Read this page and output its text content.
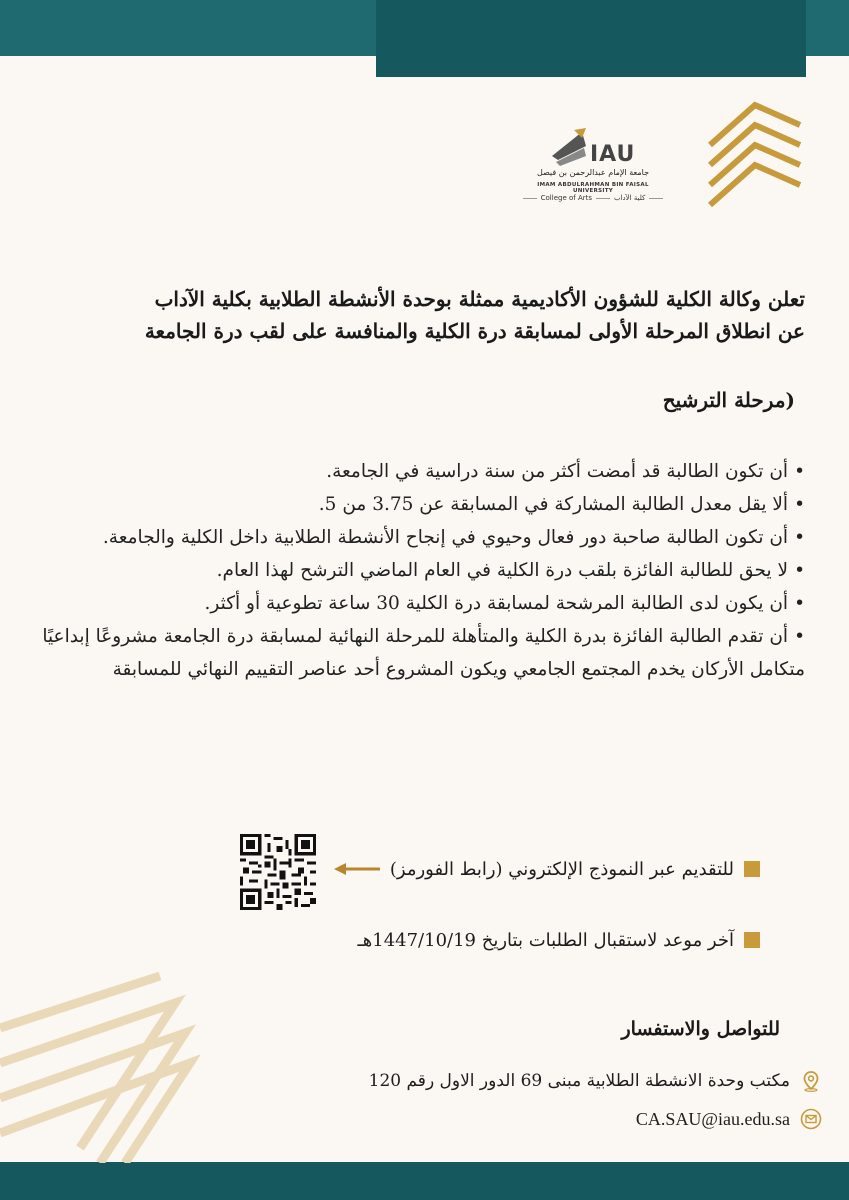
IAU
جامعة الإمام عبدالرحمن بن فيصل
IMAM ABDULRAHMAN BIN FAISAL UNIVERSITY
College of Arts	كلية الآداب
تعلن وكالة الكلية للشؤون الأكاديمية ممثلة بوحدة الأنشطة الطلابية بكلية الآداب
عن انطلاق المرحلة الأولى لمسابقة درة الكلية والمنافسة على لقب درة الجامعة
(مرحلة الترشيح
•أن تكون الطالبة قد أمضت أكثر من سنة دراسية في الجامعة.
•ألا يقل معدل الطالبة المشاركة في المسابقة عن 3.75 من 5.
•أن تكون الطالبة صاحبة دور فعال وحيوي في إنجاح الأنشطة الطلابية داخل الكلية والجامعة.
•لا يحق للطالبة الفائزة بلقب درة الكلية في العام الماضي الترشح لهذا العام.
•أن يكون لدى الطالبة المرشحة لمسابقة درة الكلية 30 ساعة تطوعية أو أكثر.
•أن تقدم الطالبة الفائزة بدرة الكلية والمتأهلة للمرحلة النهائية لمسابقة درة الجامعة مشروعًا إبداعيًا متكامل الأركان يخدم المجتمع الجامعي ويكون المشروع أحد عناصر التقييم النهائي للمسابقة
للتقديم عبر النموذج الإلكتروني (رابط الفورمز)
آخر موعد لاستقبال الطلبات بتاريخ 1447/10/19هـ
للتواصل والاستفسار
مكتب وحدة الانشطة الطلابية مبنى 69 الدور الاول رقم 120
CA.SAU@iau.edu.sa
